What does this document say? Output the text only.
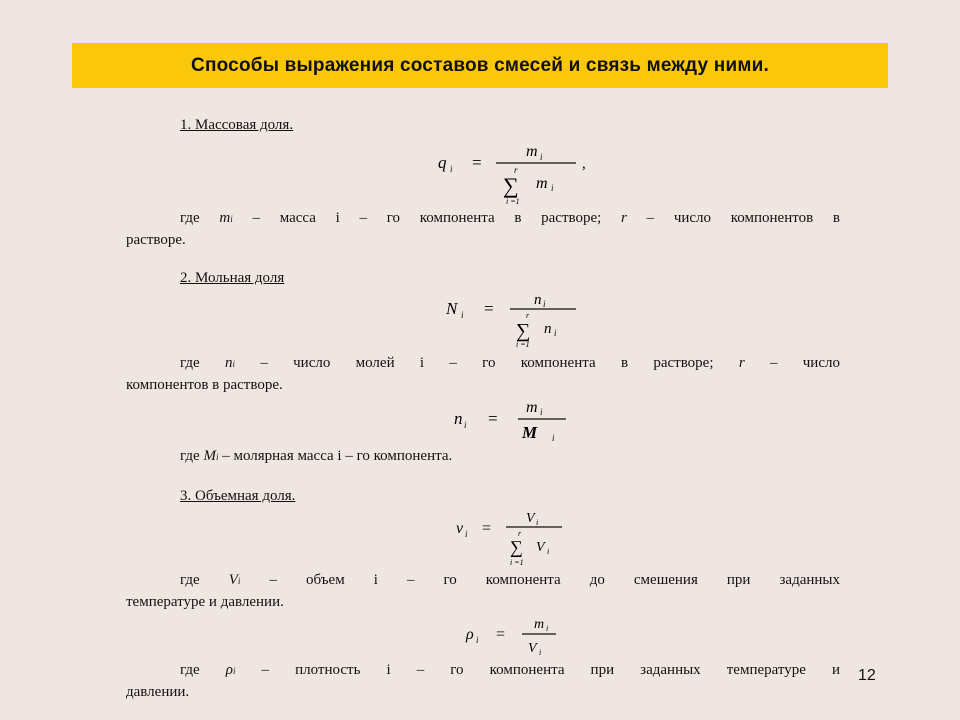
Способы выражения составов смесей и связь между ними.
1. Массовая доля.
q i =
m i
r
∑
i =1
m i
,
где mi – масса i – го компонента в растворе; r – число компонентов в
растворе.
2. Мольная доля
N i =	n i
r
∑
i =1
n i
где ni – число молей i – го компонента в растворе; r – число
компонентов в растворе.
n i =
m i
M i
где Mi – молярная масса i – го компонента.
3. Объемная доля.
ν i =
V i
r
∑
i =1
V i
где Vi – объем i – го компонента до смешения при заданных
температуре и давлении.
ρ i =
m i
V i
где ρi – плотность i – го компонента при заданных температуре и
давлении.
12
